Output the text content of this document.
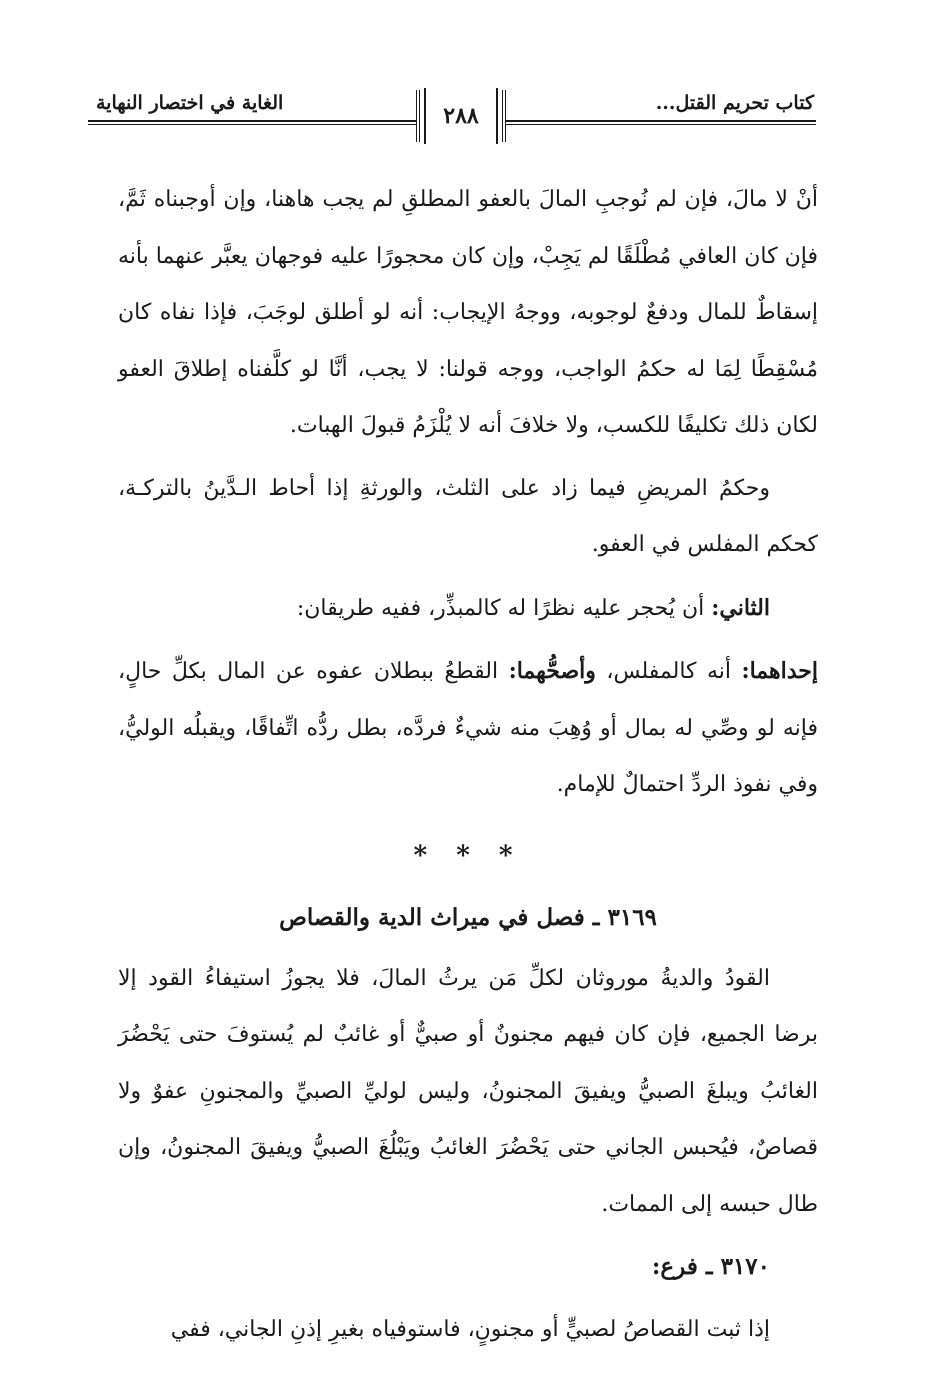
كتاب تحريم القتل...
الغاية في اختصار النهاية	٢٨٨

أنْ لا مالَ، فإن لم نُوجبِ المالَ بالعفو المطلقِ لم يجب هاهنا، وإن أوجبناه ثَمَّ، فإن كان العافي مُطْلَقًا لم يَجِبْ، وإن كان محجورًا عليه فوجهان يعبَّر عنهما بأنه إسقاطٌ للمال ودفعٌ لوجوبه، ووجهُ الإيجاب: أنه لو أطلق لوجَبَ، فإذا نفاه كان مُسْقِطًا لِمَا له حكمُ الواجب، ووجه قولنا: لا يجب، أنَّا لو كلَّفناه إطلاقَ العفو لكان ذلك تكليفًا للكسب، ولا خلافَ أنه لا يُلْزَمُ قبولَ الهبات.

وحكمُ المريضِ فيما زاد على الثلث، والورثةِ إذا أحاط الـدَّينُ بالتركـة، كحكم المفلس في العفو.

الثاني: أن يُحجر عليه نظرًا له كالمبذِّر، ففيه طريقان:

إحداهما: أنه كالمفلس، وأصحُّهما: القطعُ ببطلان عفوه عن المال بكلِّ حالٍ، فإنه لو وصِّي له بمال أو وُهِبَ منه شيءٌ فردَّه، بطل ردُّه اتِّفاقًا، ويقبلُه الوليُّ، وفي نفوذ الردِّ احتمالٌ للإمام.

* * *

٣١٦٩ ـ فصل في ميراث الدية والقصاص

القودُ والديةُ موروثان لكلِّ مَن يرثُ المالَ، فلا يجوزُ استيفاءُ القود إلا برضا الجميع، فإن كان فيهم مجنونٌ أو صبيٌّ أو غائبٌ لم يُستوفَ حتى يَحْضُرَ الغائبُ ويبلغَ الصبيُّ ويفيقَ المجنونُ، وليس لوليِّ الصبيِّ والمجنونِ عفوٌ ولا قصاصٌ، فيُحبس الجاني حتى يَحْضُرَ الغائبُ ويَبْلُغَ الصبيُّ ويفيقَ المجنونُ، وإن طال حبسه إلى الممات.

٣١٧٠ ـ فرع:

إذا ثبت القصاصُ لصبيٍّ أو مجنونٍ، فاستوفياه بغيرِ إذنِ الجاني، ففي
